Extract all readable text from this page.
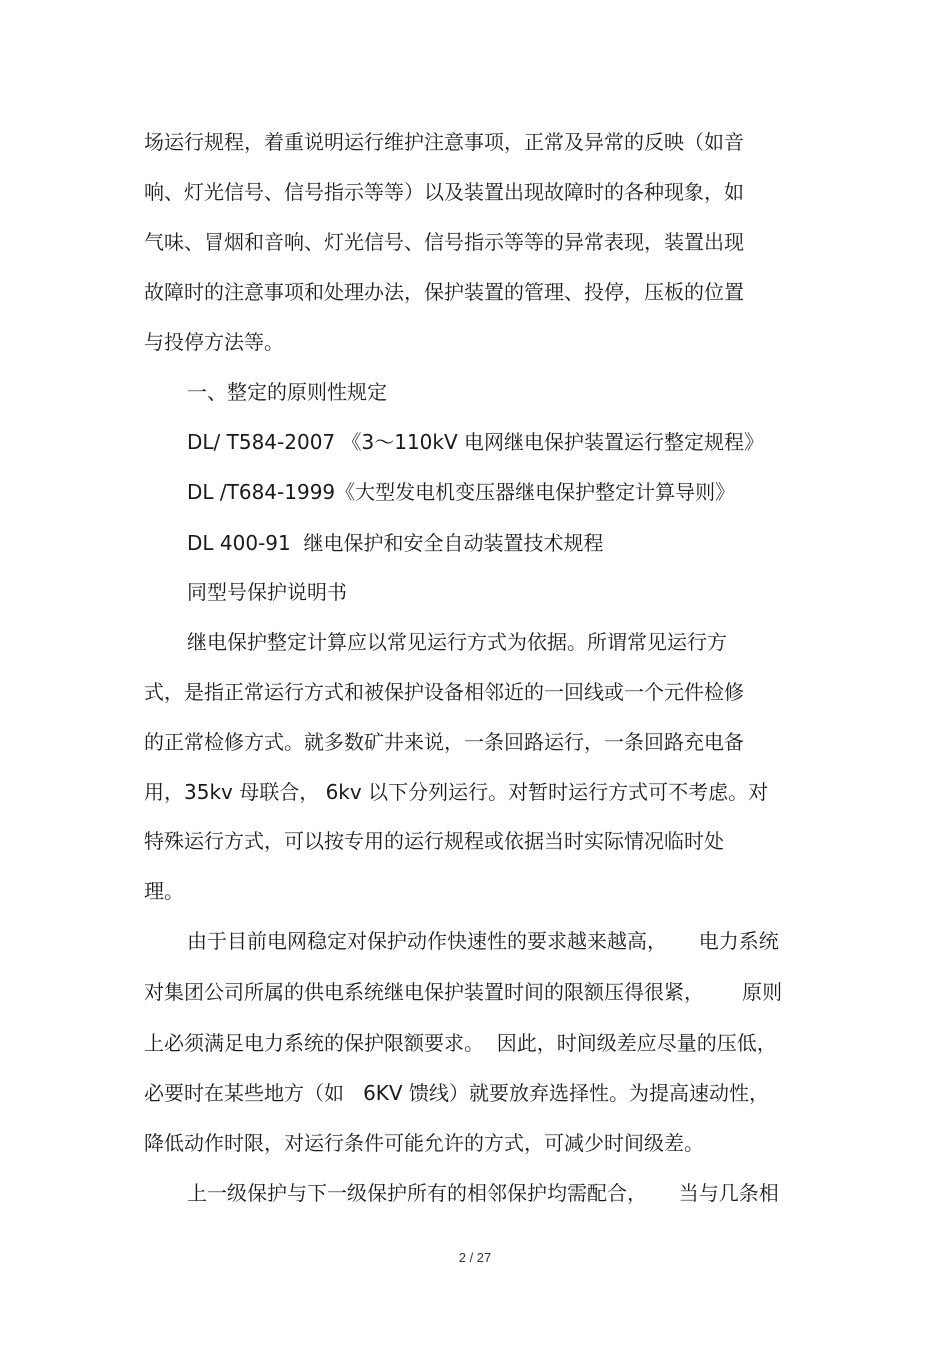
场运行规程，着重说明运行维护注意事项，正常及异常的反映（如音
响、灯光信号、信号指示等等）以及装置出现故障时的各种现象，如
气味、冒烟和音响、灯光信号、信号指示等等的异常表现，装置出现
故障时的注意事项和处理办法，保护装置的管理、投停，压板的位置
与投停方法等。
一、整定的原则性规定
DL/ T584-2007 《3～110kV 电网继电保护装置运行整定规程》
DL /T684-1999《大型发电机变压器继电保护整定计算导则》
DL 400-91  继电保护和安全自动装置技术规程
同型号保护说明书
继电保护整定计算应以常见运行方式为依据。所谓常见运行方
式，是指正常运行方式和被保护设备相邻近的一回线或一个元件检修
的正常检修方式。就多数矿井来说，一条回路运行，一条回路充电备
用，35kv 母联合， 6kv 以下分列运行。对暂时运行方式可不考虑。对
特殊运行方式，可以按专用的运行规程或依据当时实际情况临时处
理。
由于目前电网稳定对保护动作快速性的要求越来越高，     电力系统
对集团公司所属的供电系统继电保护装置时间的限额压得很紧，      原则
上必须满足电力系统的保护限额要求。  因此，时间级差应尽量的压低，
必要时在某些地方（如   6KV 馈线）就要放弃选择性。为提高速动性，
降低动作时限，对运行条件可能允许的方式，可减少时间级差。
上一级保护与下一级保护所有的相邻保护均需配合，     当与几条相
2 / 27
